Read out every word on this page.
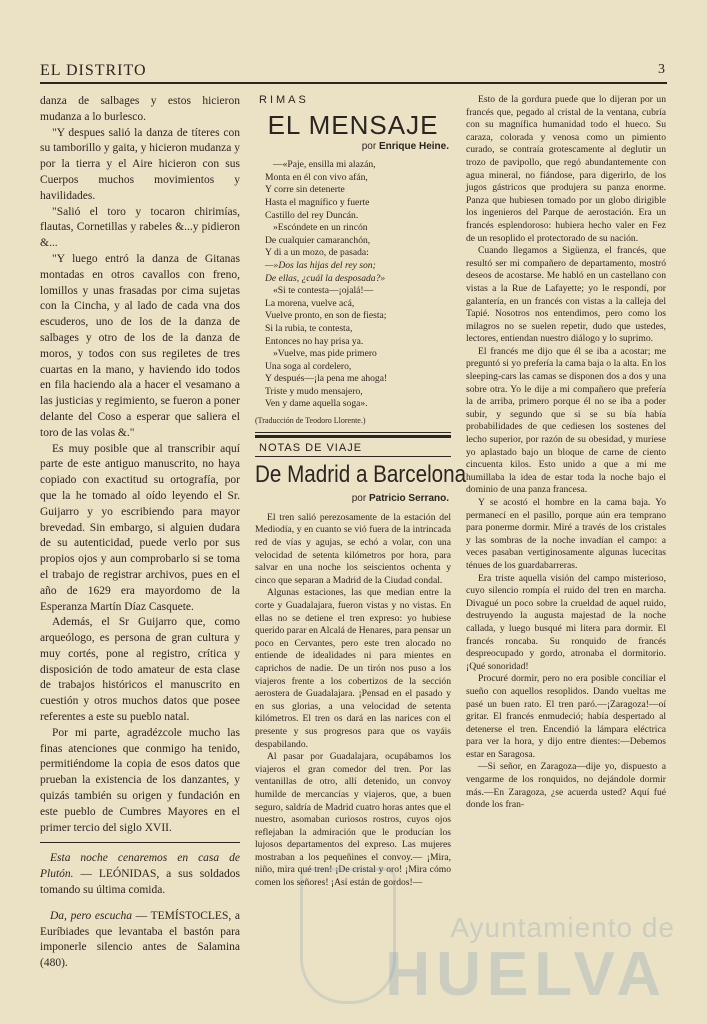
EL DISTRITO	3

danza de salbages y estos hicieron mudanza a lo burlesco.

"Y despues salió la danza de títeres con su tamborillo y gaita, y hicieron mudanza y por la tierra y el Aire hicieron con sus Cuerpos muchos movimientos y havilidades.

"Salió el toro y tocaron chirimías, flautas, Cornetillas y rabeles &...y pidieron &...

"Y luego entró la danza de Gitanas montadas en otros cavallos con freno, lomillos y unas frasadas por cima sujetas con la Cincha, y al lado de cada vna dos escuderos, uno de los de la danza de salbages y otro de los de la danza de moros, y todos con sus regiletes de tres cuartas en la mano, y haviendo ido todos en fila haciendo ala a hacer el vesamano a las justicias y regimiento, se fueron a poner delante del Coso a esperar que saliera el toro de las volas &."

Es muy posible que al transcribir aquí parte de este antiguo manuscrito, no haya copiado con exactitud su ortografía, por que la he tomado al oído leyendo el Sr. Guijarro y yo escribiendo para mayor brevedad. Sin embargo, si alguien dudara de su autenticidad, puede verlo por sus propios ojos y aun comprobarlo si se toma el trabajo de registrar archivos, pues en el año de 1629 era mayordomo de la Esperanza Martín Díaz Casquete.

Además, el Sr Guijarro que, como arqueólogo, es persona de gran cultura y muy cortés, pone al registro, crítica y disposición de todo amateur de esta clase de trabajos históricos el manuscrito en cuestión y otros muchos datos que posee referentes a este su pueblo natal.

Por mi parte, agradézcole mucho las finas atenciones que conmigo ha tenido, permitiéndome la copia de esos datos que prueban la existencia de los danzantes, y quizás también su origen y fundación en este pueblo de Cumbres Mayores en el primer tercio del siglo XVII.

Esta noche cenaremos en casa de Plutón. — LEÓNIDAS, a sus soldados tomando su última comida.

Da, pero escucha — TEMÍSTOCLES, a Euríbiades que levantaba el bastón para imponerle silencio antes de Salamina (480).

RIMAS
EL MENSAJE
por Enrique Heine.
—«Paje, ensilla mi alazán,
Monta en él con vivo afán,
Y corre sin detenerte
Hasta el magnífico y fuerte
Castillo del rey Duncán.
»Escóndete en un rincón
De cualquier camaranchón,
Y di a un mozo, de pasada:
—»Dos las hijas del rey son;
De ellas, ¿cuál la desposada?»
«Si te contesta—¡ojalá!—
La morena, vuelve acá,
Vuelve pronto, en son de fiesta;
Si la rubia, te contesta,
Entonces no hay prisa ya.
»Vuelve, mas pide primero
Una soga al cordelero,
Y después—¡la pena me ahoga!
Triste y mudo mensajero,
Ven y dame aquella soga».
(Traducción de Teodoro Llorente.)
NOTAS DE VIAJE
De Madrid a Barcelona
por Patricio Serrano.

El tren salió perezosamente de la estación del Mediodía, y en cuanto se vió fuera de la intrincada red de vías y agujas, se echó a volar, con una velocidad de setenta kilómetros por hora, para salvar en una noche los seiscientos ochenta y cinco que separan a Madrid de la Ciudad condal.

Algunas estaciones, las que median entre la corte y Guadalajara, fueron vistas y no vistas. En ellas no se detiene el tren expreso: yo hubiese querido parar en Alcalá de Henares, para pensar un poco en Cervantes, pero este tren alocado no entiende de idealidades ni para mientes en caprichos de nadie. De un tirón nos puso a los viajeros frente a los cobertizos de la sección aerostera de Guadalajara. ¡Pensad en el pasado y en sus glorias, a una velocidad de setenta kilómetros. El tren os dará en las narices con el presente y sus progresos para que os vayáis despabilando.

Al pasar por Guadalajara, ocupábamos los viajeros el gran comedor del tren. Por las ventanillas de otro, allí detenido, un convoy humilde de mercancías y viajeros, que, a buen seguro, saldría de Madrid cuatro horas antes que el nuestro, asomaban curiosos rostros, cuyos ojos reflejaban la admiración que le producían los lujosos departamentos del expreso. Las mujeres mostraban a los pequeñines el convoy.— ¡Mira, niño, mira qué tren! ¡De cristal y oro! ¡Mira cómo comen los señores! ¡Así están de gordos!—

Esto de la gordura puede que lo dijeran por un francés que, pegado al cristal de la ventana, cubría con su magnífica humanidad todo el hueco. Su caraza, colorada y venosa como un pimiento curado, se contraía grotescamente al deglutir un trozo de pavipollo, que regó abundantemente con agua mineral, no fiándose, para digerirlo, de los jugos gástricos que produjera su panza enorme. Panza que hubiesen tomado por un globo dirigible los ingenieros del Parque de aerostación. Era un francés esplendoroso: hubiera hecho valer en Fez de un resoplido el protectorado de su nación.

Cuando llegamos a Sigüenza, el francés, que resultó ser mi compañero de departamento, mostró deseos de acostarse. Me habló en un castellano con vistas a la Rue de Lafayette; yo le respondí, por galantería, en un francés con vistas a la calleja del Tapié. Nosotros nos entendimos, pero como los milagros no se suelen repetir, dudo que ustedes, lectores, entiendan nuestro diálogo y lo suprimo.

El francés me dijo que él se iba a acostar; me preguntó si yo prefería la cama baja o la alta. En los sleeping-cars las camas se disponen dos a dos y una sobre otra. Yo le dije a mi compañero que prefería la de arriba, primero porque él no se iba a poder subir, y segundo que si se su bía había probabilidades de que cediesen los sostenes del lecho superior, por razón de su obesidad, y muriese yo aplastado bajo un bloque de carne de ciento cincuenta kilos. Esto unido a que a mi me humillaba la idea de estar toda la noche bajo el dominio de una panza francesa.

Y se acostó el hombre en la cama baja. Yo permanecí en el pasillo, porque aún era temprano para ponerme dormir. Miré a través de los cristales y las sombras de la noche invadían el campo: a veces pasaban vertiginosamente algunas lucecitas ténues de los guardabarreras.

Era triste aquella visión del campo misterioso, cuyo silencio rompía el ruido del tren en marcha. Divagué un poco sobre la crueldad de aquel ruido, destruyendo la augusta majestad de la noche callada, y luego busqué mi litera para dormir. El francés roncaba. Su ronquido de francés despreocupado y gordo, atronaba el dormitorio. ¡Qué sonoridad!

Procuré dormir, pero no era posible conciliar el sueño con aquellos resoplidos. Dando vueltas me pasé un buen rato. El tren paró.—¡Zaragoza!—oí gritar. El francés enmudeció; había despertado al detenerse el tren. Encendió la lámpara eléctrica para ver la hora, y dijo entre dientes:—Debemos estar en Saragosa.

—Si señor, en Zaragoza—dije yo, dispuesto a vengarme de los ronquidos, no dejándole dormir más.—En Zaragoza, ¿se acuerda usted? Aquí fué donde los fran-

Ayuntamiento de
HUELVA
